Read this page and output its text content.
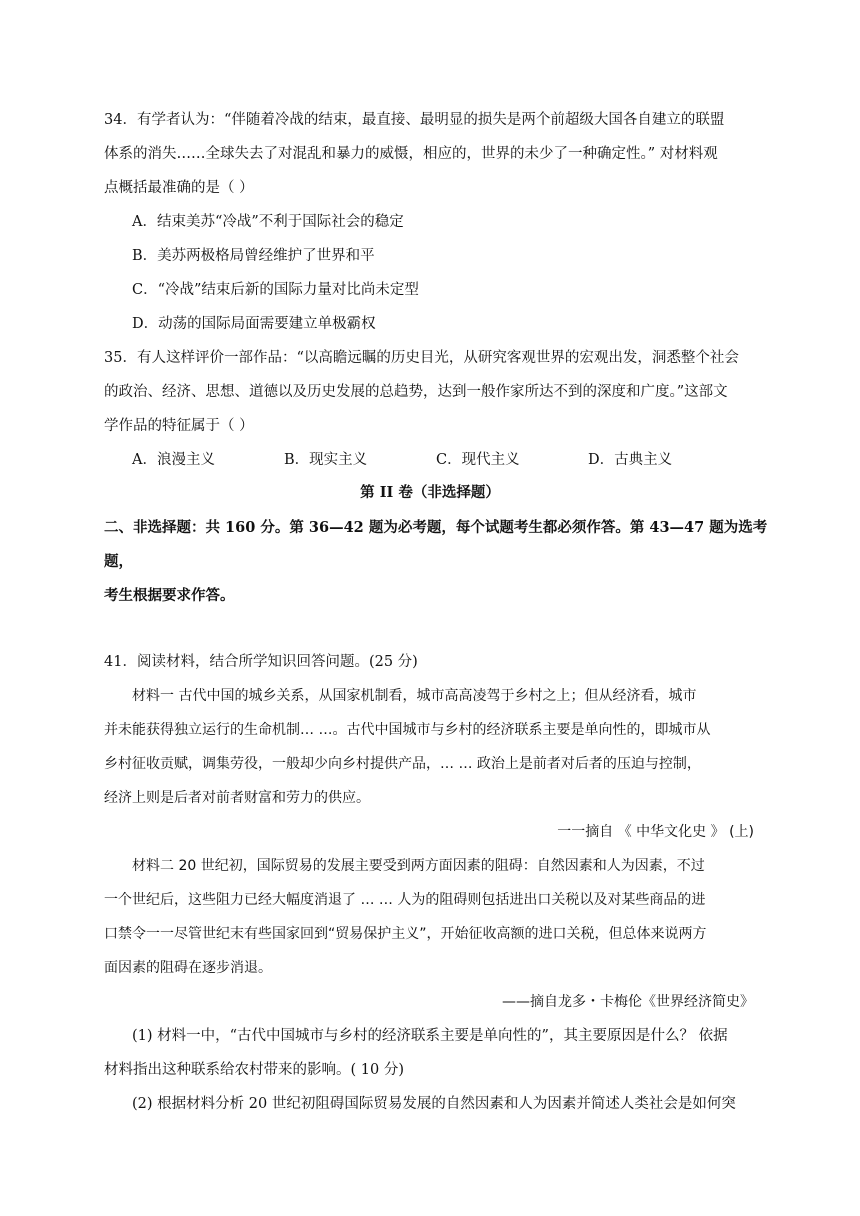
34．有学者认为：“伴随着冷战的结束，最直接、最明显的损失是两个前超级大国各自建立的联盟
体系的消失……全球失去了对混乱和暴力的威慑，相应的，世界的未少了一种确定性。” 对材料观
点概括最准确的是（ ）
A．结束美苏“冷战”不利于国际社会的稳定
B．美苏两极格局曾经维护了世界和平
C．“冷战”结束后新的国际力量对比尚未定型
D．动荡的国际局面需要建立单极霸权
35．有人这样评价一部作品：“以高瞻远瞩的历史目光，从研究客观世界的宏观出发，洞悉整个社会
的政治、经济、思想、道德以及历史发展的总趋势，达到一般作家所达不到的深度和广度。”这部文
学作品的特征属于（ ）
A．浪漫主义	B．现实主义	C．现代主义	D．古典主义
第 II 卷（非选择题）
二、非选择题：共 160 分。第 36—42 题为必考题，每个试题考生都必须作答。第 43—47 题为选考
题，
考生根据要求作答。
41．阅读材料，结合所学知识回答问题。(25 分)
材料一 古代中国的城乡关系，从国家机制看，城市高高凌驾于乡村之上；但从经济看，城市
并未能获得独立运行的生命机制… …。古代中国城市与乡村的经济联系主要是单向性的，即城市从
乡村征收贡赋，调集劳役，一般却少向乡村提供产品，… … 政治上是前者对后者的压迫与控制，
经济上则是后者对前者财富和劳力的供应。
一一摘自 《 中华文化史 》 (上)
材料二 20 世纪初，国际贸易的发展主要受到两方面因素的阻碍：自然因素和人为因素，不过
一个世纪后，这些阻力已经大幅度消退了 … … 人为的阻碍则包括进出口关税以及对某些商品的进
口禁令一一尽管世纪末有些国家回到“贸易保护主义”，开始征收高额的进口关税，但总体来说两方
面因素的阻碍在逐步消退。
——摘自龙多・卡梅伦《世界经济简史》
(1) 材料一中，“古代中国城市与乡村的经济联系主要是单向性的”，其主要原因是什么？ 依据
材料指出这种联系给农村带来的影响。( 10 分)
(2) 根据材料分析 20 世纪初阻碍国际贸易发展的自然因素和人为因素并简述人类社会是如何突
